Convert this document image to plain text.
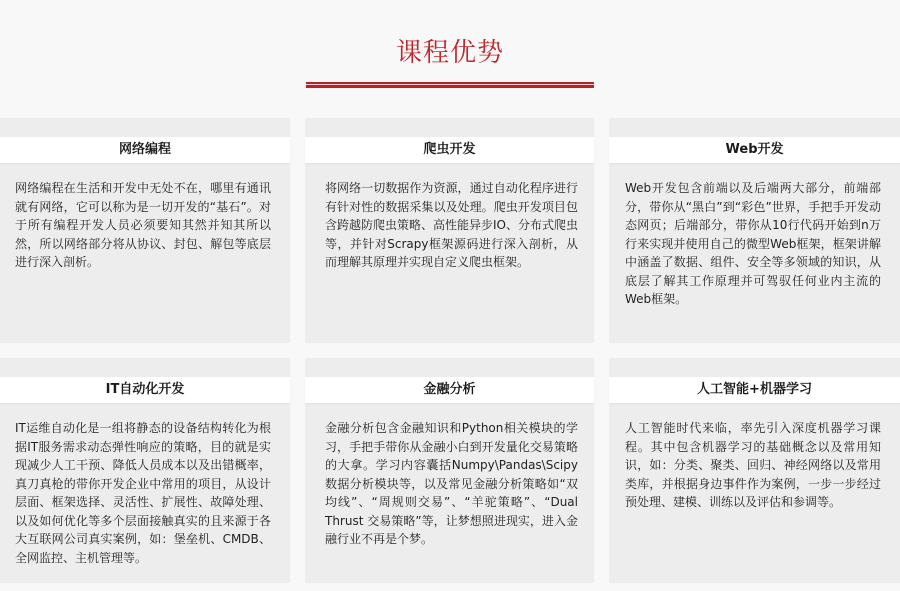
课程优势
网络编程
网络编程在生活和开发中无处不在，哪里有通讯就有网络，它可以称为是一切开发的“基石”。对于所有编程开发人员必须要知其然并知其所以然，所以网络部分将从协议、封包、解包等底层进行深入剖析。
爬虫开发
将网络一切数据作为资源，通过自动化程序进行有针对性的数据采集以及处理。爬虫开发项目包含跨越防爬虫策略、高性能异步IO、分布式爬虫等，并针对Scrapy框架源码进行深入剖析，从而理解其原理并实现自定义爬虫框架。
Web开发
Web开发包含前端以及后端两大部分，前端部分，带你从“黑白”到“彩色”世界，手把手开发动态网页；后端部分，带你从10行代码开始到n万行来实现并使用自己的微型Web框架，框架讲解中涵盖了数据、组件、安全等多领域的知识，从底层了解其工作原理并可驾驭任何业内主流的Web框架。
IT自动化开发
IT运维自动化是一组将静态的设备结构转化为根据IT服务需求动态弹性响应的策略，目的就是实现减少人工干预、降低人员成本以及出错概率，真刀真枪的带你开发企业中常用的项目，从设计层面、框架选择、灵活性、扩展性、故障处理、以及如何优化等多个层面接触真实的且来源于各大互联网公司真实案例，如：堡垒机、CMDB、全网监控、主机管理等。
金融分析
金融分析包含金融知识和Python相关模块的学习，手把手带你从金融小白到开发量化交易策略的大拿。学习内容囊括Numpy\Pandas\Scipy数据分析模块等，以及常见金融分析策略如“双均线”、“周规则交易”、“羊驼策略”、“Dual Thrust 交易策略”等，让梦想照进现实，进入金融行业不再是个梦。
人工智能+机器学习
人工智能时代来临，率先引入深度机器学习课程。其中包含机器学习的基础概念以及常用知识，如：分类、聚类、回归、神经网络以及常用类库，并根据身边事件作为案例，一步一步经过预处理、建模、训练以及评估和参调等。
